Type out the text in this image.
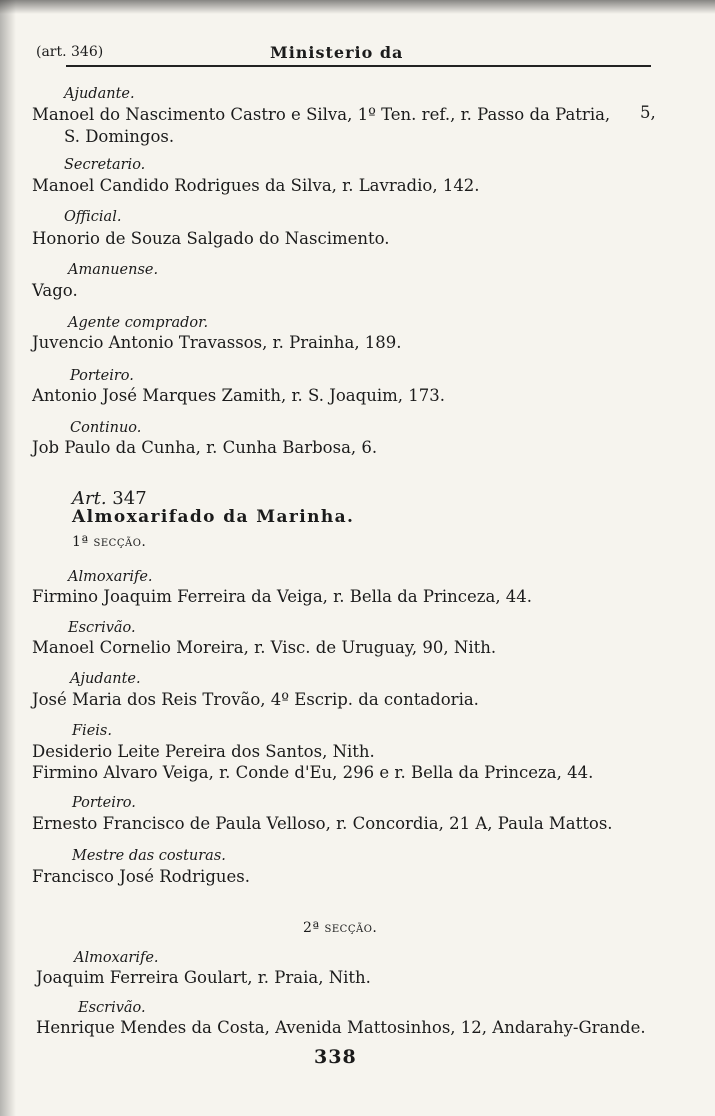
(art. 346)	Ministerio da
Ajudante.
Manoel do Nascimento Castro e Silva, 1º Ten. ref., r. Passo da Patria, 5,
S. Domingos.
Secretario.
Manoel Candido Rodrigues da Silva, r. Lavradio, 142.
Official.
Honorio de Souza Salgado do Nascimento.
Amanuense.
Vago.
Agente comprador.
Juvencio Antonio Travassos, r. Prainha, 189.
Porteiro.
Antonio José Marques Zamith, r. S. Joaquim, 173.
Continuo.
Job Paulo da Cunha, r. Cunha Barbosa, 6.
Art. 347
Almoxarifado da Marinha.
1ª secção.
Almoxarife.
Firmino Joaquim Ferreira da Veiga, r. Bella da Princeza, 44.
Escrivão.
Manoel Cornelio Moreira, r. Visc. de Uruguay, 90, Nith.
Ajudante.
José Maria dos Reis Trovão, 4º Escrip. da contadoria.
Fieis.
Desiderio Leite Pereira dos Santos, Nith.
Firmino Alvaro Veiga, r. Conde d'Eu, 296 e r. Bella da Princeza, 44.
Porteiro.
Ernesto Francisco de Paula Velloso, r. Concordia, 21 A, Paula Mattos.
Mestre das costuras.
Francisco José Rodrigues.
2ª secção.
Almoxarife.
Joaquim Ferreira Goulart, r. Praia, Nith.
Escrivão.
Henrique Mendes da Costa, Avenida Mattosinhos, 12, Andarahy-Grande.
338
